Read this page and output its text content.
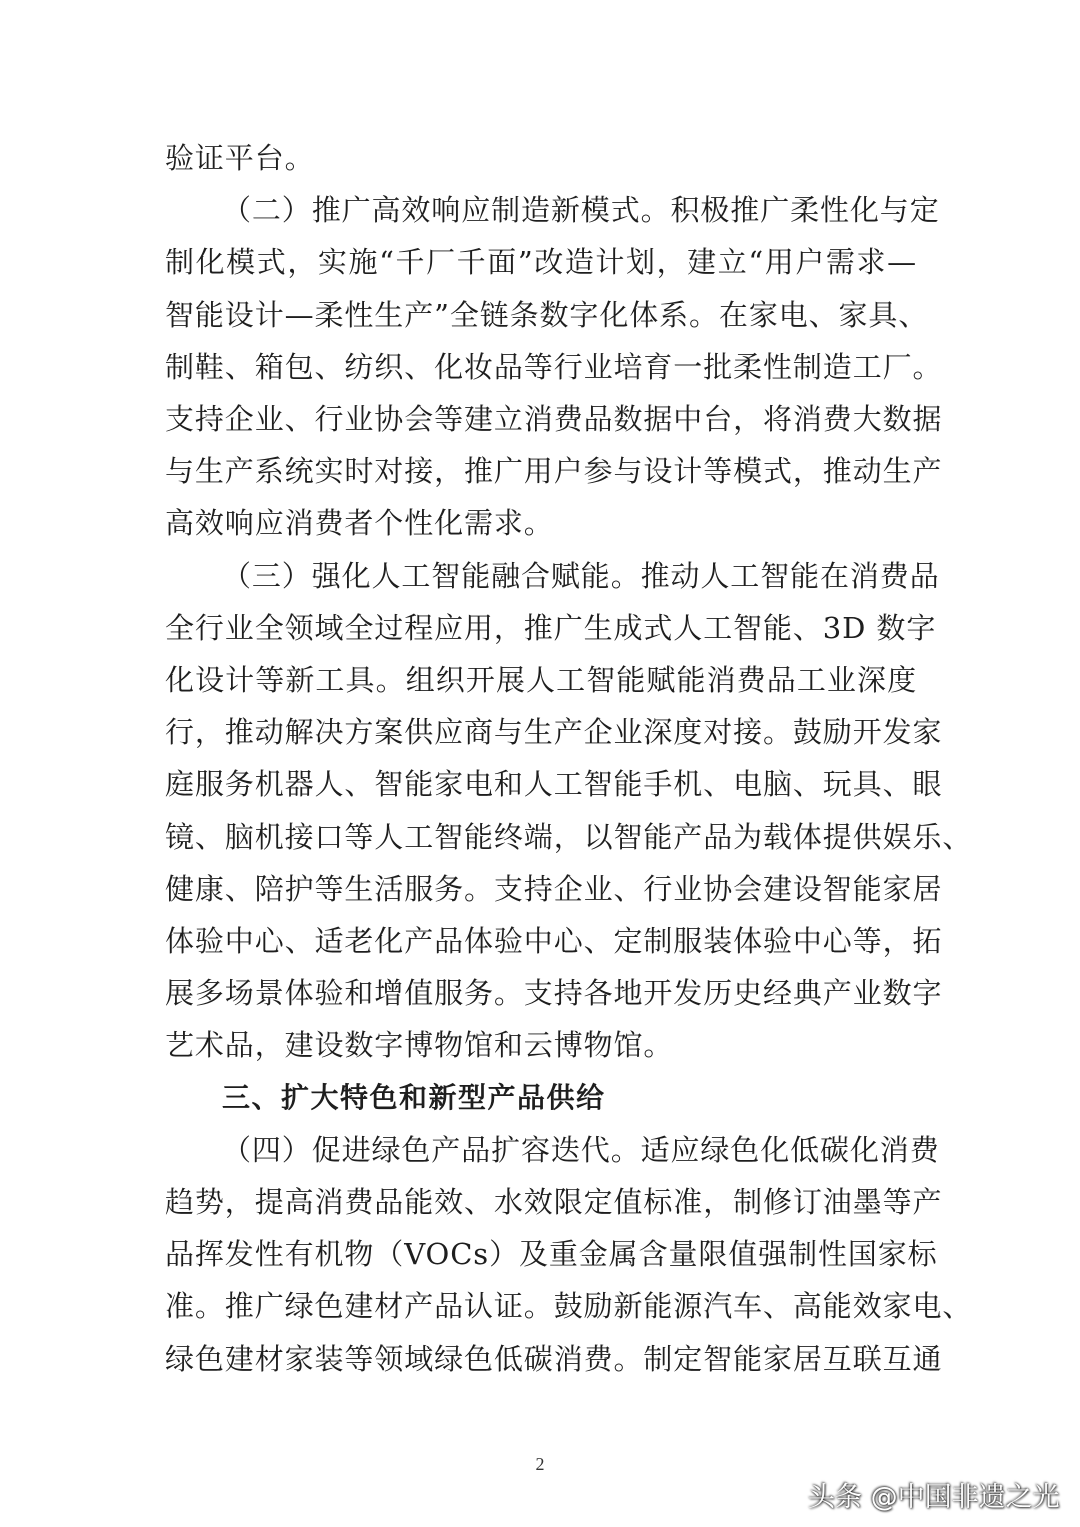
验证平台。
（二）推广高效响应制造新模式。积极推广柔性化与定
制化模式，实施“千厂千面”改造计划，建立“用户需求—
智能设计—柔性生产”全链条数字化体系。在家电、家具、
制鞋、箱包、纺织、化妆品等行业培育一批柔性制造工厂。
支持企业、行业协会等建立消费品数据中台，将消费大数据
与生产系统实时对接，推广用户参与设计等模式，推动生产
高效响应消费者个性化需求。
（三）强化人工智能融合赋能。推动人工智能在消费品
全行业全领域全过程应用，推广生成式人工智能、3D 数字
化设计等新工具。组织开展人工智能赋能消费品工业深度
行，推动解决方案供应商与生产企业深度对接。鼓励开发家
庭服务机器人、智能家电和人工智能手机、电脑、玩具、眼
镜、脑机接口等人工智能终端，以智能产品为载体提供娱乐、
健康、陪护等生活服务。支持企业、行业协会建设智能家居
体验中心、适老化产品体验中心、定制服装体验中心等，拓
展多场景体验和增值服务。支持各地开发历史经典产业数字
艺术品，建设数字博物馆和云博物馆。
三、扩大特色和新型产品供给
（四）促进绿色产品扩容迭代。适应绿色化低碳化消费
趋势，提高消费品能效、水效限定值标准，制修订油墨等产
品挥发性有机物（VOCs）及重金属含量限值强制性国家标
准。推广绿色建材产品认证。鼓励新能源汽车、高能效家电、
绿色建材家装等领域绿色低碳消费。制定智能家居互联互通
2
头条 @中国非遗之光
